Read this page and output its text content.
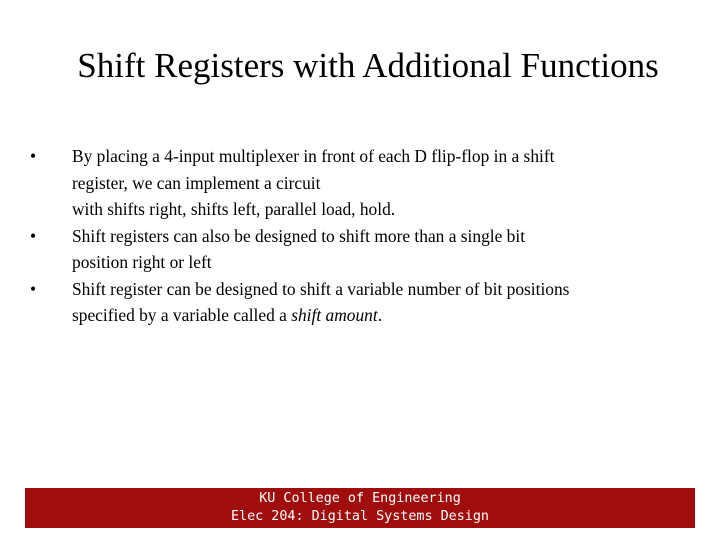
Shift Registers with Additional Functions
•	By placing a 4-input multiplexer in front of each D flip-flop in a shift
register, we can implement a circuit
with shifts right, shifts left, parallel load, hold.
•	Shift registers can also be designed to shift more than a single bit
position right or left
•	Shift register can be designed to shift a variable number of bit positions
specified by a variable called a shift amount.
KU College of Engineering
Elec 204: Digital Systems Design
